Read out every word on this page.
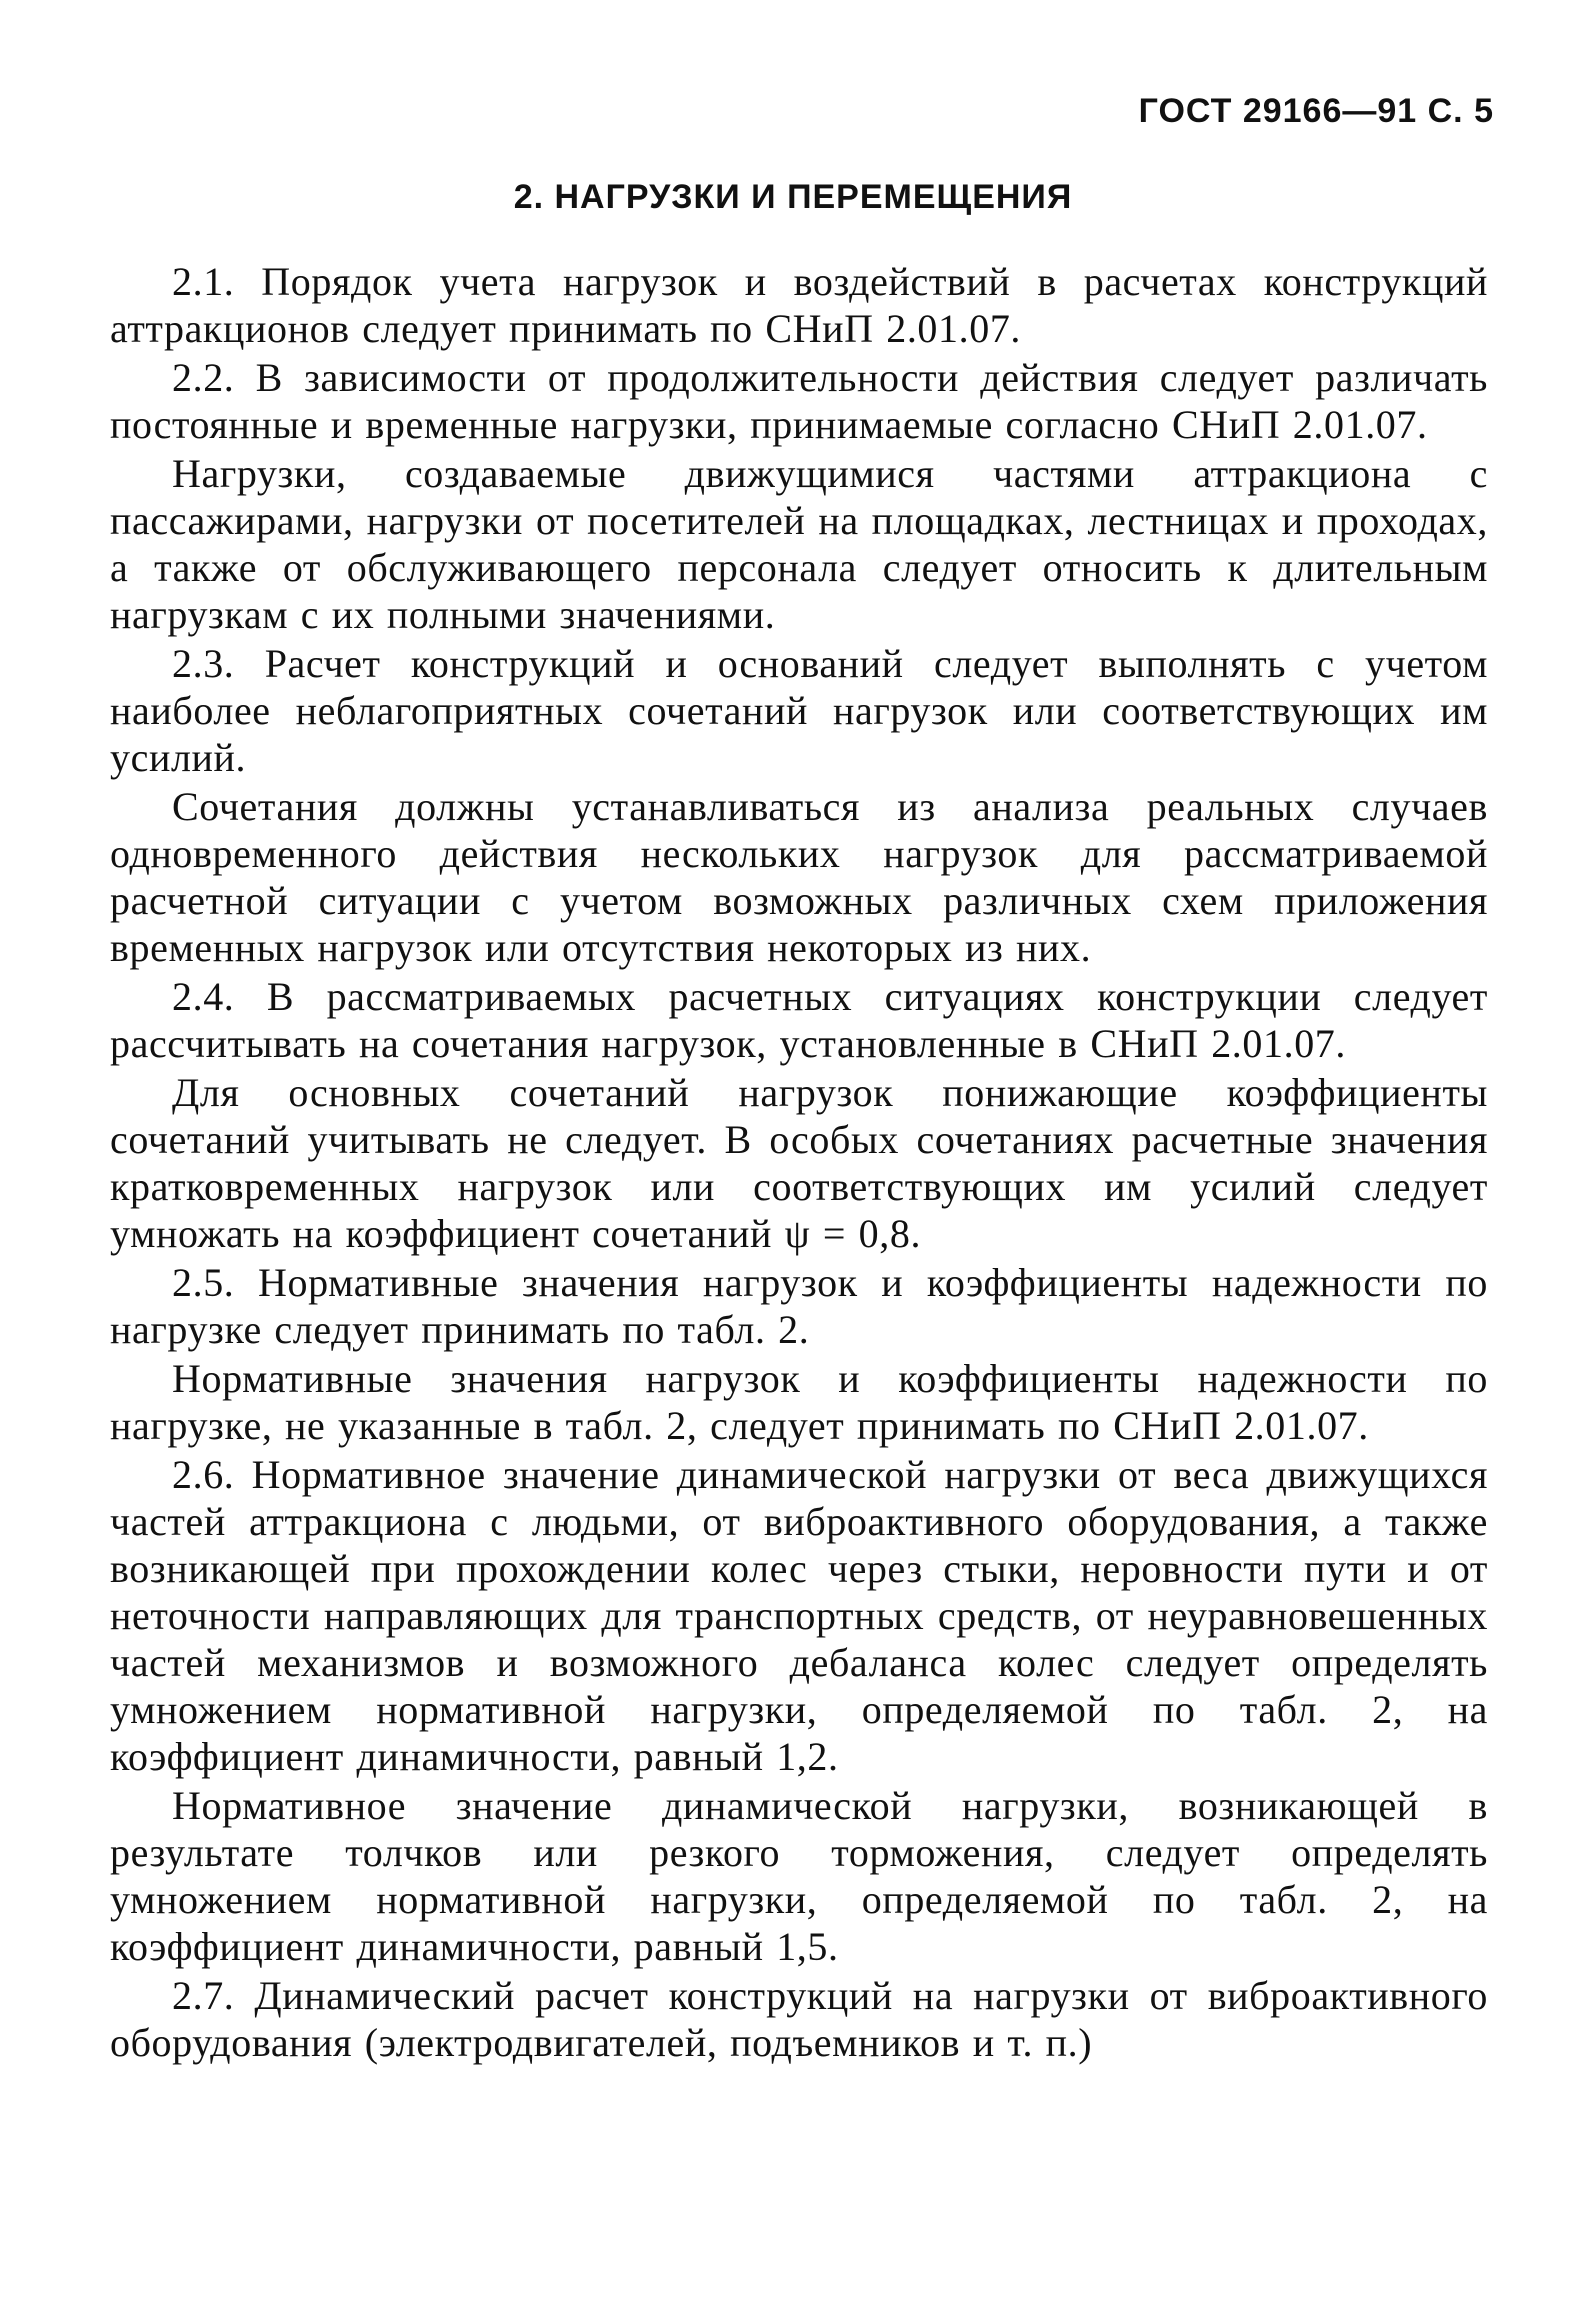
ГОСТ 29166—91 С. 5
2. НАГРУЗКИ И ПЕРЕМЕЩЕНИЯ

2.1. Порядок учета нагрузок и воздействий в расчетах конструкций аттракционов следует принимать по СНиП 2.01.07.

2.2. В зависимости от продолжительности действия следует различать постоянные и временные нагрузки, принимаемые согласно СНиП 2.01.07.

Нагрузки, создаваемые движущимися частями аттракциона с пассажирами, нагрузки от посетителей на площадках, лестницах и проходах, а также от обслуживающего персонала следует относить к длительным нагрузкам с их полными значениями.

2.3. Расчет конструкций и оснований следует выполнять с учетом наиболее неблагоприятных сочетаний нагрузок или соответствующих им усилий.

Сочетания должны устанавливаться из анализа реальных случаев одновременного действия нескольких нагрузок для рассматриваемой расчетной ситуации с учетом возможных различных схем приложения временных нагрузок или отсутствия некоторых из них.

2.4. В рассматриваемых расчетных ситуациях конструкции следует рассчитывать на сочетания нагрузок, установленные в СНиП 2.01.07.

Для основных сочетаний нагрузок понижающие коэффициенты сочетаний учитывать не следует. В особых сочетаниях расчетные значения кратковременных нагрузок или соответствующих им усилий следует умножать на коэффициент сочетаний ψ = 0,8.

2.5. Нормативные значения нагрузок и коэффициенты надежности по нагрузке следует принимать по табл. 2.

Нормативные значения нагрузок и коэффициенты надежности по нагрузке, не указанные в табл. 2, следует принимать по СНиП 2.01.07.

2.6. Нормативное значение динамической нагрузки от веса движущихся частей аттракциона с людьми, от виброактивного оборудования, а также возникающей при прохождении колес через стыки, неровности пути и от неточности направляющих для транспортных средств, от неуравновешенных частей механизмов и возможного дебаланса колес следует определять умножением нормативной нагрузки, определяемой по табл. 2, на коэффициент динамичности, равный 1,2.

Нормативное значение динамической нагрузки, возникающей в результате толчков или резкого торможения, следует определять умножением нормативной нагрузки, определяемой по табл. 2, на коэффициент динамичности, равный 1,5.

2.7. Динамический расчет конструкций на нагрузки от виброактивного оборудования (электродвигателей, подъемников и т. п.)
